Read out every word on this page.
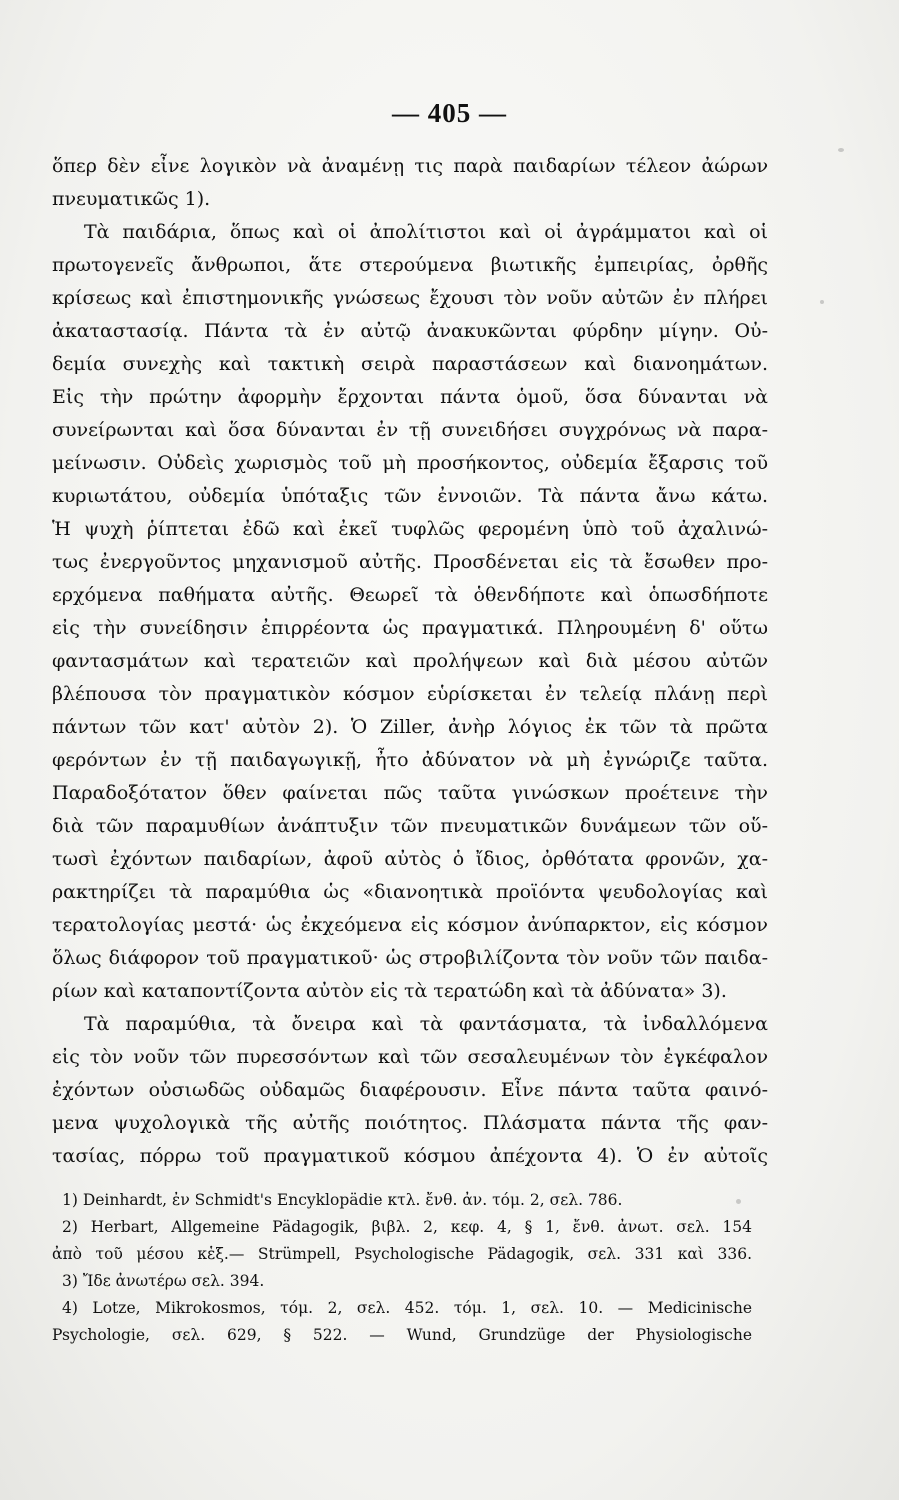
— 405 —
ὅπερ δὲν εἶνε λογικὸν νὰ ἀναμένῃ τις παρὰ παιδαρίων τέλεον ἀώρων
πνευματικῶς 1).
Τὰ παιδάρια, ὅπως καὶ οἱ ἀπολίτιστοι καὶ οἱ ἀγράμματοι καὶ οἱ
πρωτογενεῖς ἄνθρωποι, ἅτε στερούμενα βιωτικῆς ἐμπειρίας, ὀρθῆς
κρίσεως καὶ ἐπιστημονικῆς γνώσεως ἔχουσι τὸν νοῦν αὐτῶν ἐν πλήρει
ἀκαταστασίᾳ. Πάντα τὰ ἐν αὐτῷ ἀνακυκῶνται φύρδην μίγην. Οὐ-
δεμία συνεχὴς καὶ τακτικὴ σειρὰ παραστάσεων καὶ διανοημάτων.
Εἰς τὴν πρώτην ἀφορμὴν ἔρχονται πάντα ὁμοῦ, ὅσα δύνανται νὰ
συνείρωνται καὶ ὅσα δύνανται ἐν τῇ συνειδήσει συγχρόνως νὰ παρα-
μείνωσιν. Οὐδεὶς χωρισμὸς τοῦ μὴ προσήκοντος, οὐδεμία ἔξαρσις τοῦ
κυριωτάτου, οὐδεμία ὑπόταξις τῶν ἐννοιῶν. Τὰ πάντα ἄνω κάτω.
Ἡ ψυχὴ ῥίπτεται ἐδῶ καὶ ἐκεῖ τυφλῶς φερομένη ὑπὸ τοῦ ἀχαλινώ-
τως ἐνεργοῦντος μηχανισμοῦ αὐτῆς. Προσδένεται εἰς τὰ ἔσωθεν προ-
ερχόμενα παθήματα αὐτῆς. Θεωρεῖ τὰ ὁθενδήποτε καὶ ὁπωσδήποτε
εἰς τὴν συνείδησιν ἐπιρρέοντα ὡς πραγματικά. Πληρουμένη δ' οὕτω
φαντασμάτων καὶ τερατειῶν καὶ προλήψεων καὶ διὰ μέσου αὐτῶν
βλέπουσα τὸν πραγματικὸν κόσμον εὑρίσκεται ἐν τελείᾳ πλάνῃ περὶ
πάντων τῶν κατ' αὐτὸν 2). Ὁ Ziller, ἀνὴρ λόγιος ἐκ τῶν τὰ πρῶτα
φερόντων ἐν τῇ παιδαγωγικῇ, ἦτο ἀδύνατον νὰ μὴ ἐγνώριζε ταῦτα.
Παραδοξότατον ὅθεν φαίνεται πῶς ταῦτα γινώσκων προέτεινε τὴν
διὰ τῶν παραμυθίων ἀνάπτυξιν τῶν πνευματικῶν δυνάμεων τῶν οὕ-
τωσὶ ἐχόντων παιδαρίων, ἀφοῦ αὐτὸς ὁ ἴδιος, ὀρθότατα φρονῶν, χα-
ρακτηρίζει τὰ παραμύθια ὡς «διανοητικὰ προϊόντα ψευδολογίας καὶ
τερατολογίας μεστά· ὡς ἐκχεόμενα εἰς κόσμον ἀνύπαρκτον, εἰς κόσμον
ὅλως διάφορον τοῦ πραγματικοῦ· ὡς στροβιλίζοντα τὸν νοῦν τῶν παιδα-
ρίων καὶ καταποντίζοντα αὐτὸν εἰς τὰ τερατώδη καὶ τὰ ἀδύνατα» 3).
Τὰ παραμύθια, τὰ ὄνειρα καὶ τὰ φαντάσματα, τὰ ἰνδαλλόμενα
εἰς τὸν νοῦν τῶν πυρεσσόντων καὶ τῶν σεσαλευμένων τὸν ἐγκέφαλον
ἐχόντων οὐσιωδῶς οὐδαμῶς διαφέρουσιν. Εἶνε πάντα ταῦτα φαινό-
μενα ψυχολογικὰ τῆς αὐτῆς ποιότητος. Πλάσματα πάντα τῆς φαν-
τασίας, πόρρω τοῦ πραγματικοῦ κόσμου ἀπέχοντα 4). Ὁ ἐν αὐτοῖς
1) Deinhardt, ἐν Schmidt's Encyklopädie κτλ. ἔνθ. ἀν. τόμ. 2, σελ. 786.
2) Herbart, Allgemeine Pädagogik, βιβλ. 2, κεφ. 4, § 1, ἔνθ. ἀνωτ. σελ. 154
ἀπὸ τοῦ μέσου κἑξ.— Strümpell, Psychologische Pädagogik, σελ. 331 καὶ 336.
3) Ἴδε ἀνωτέρω σελ. 394.
4) Lotze, Mikrokosmos, τόμ. 2, σελ. 452. τόμ. 1, σελ. 10. — Medicinische
Psychologie, σελ. 629, § 522. — Wund, Grundzüge der Physiologische
